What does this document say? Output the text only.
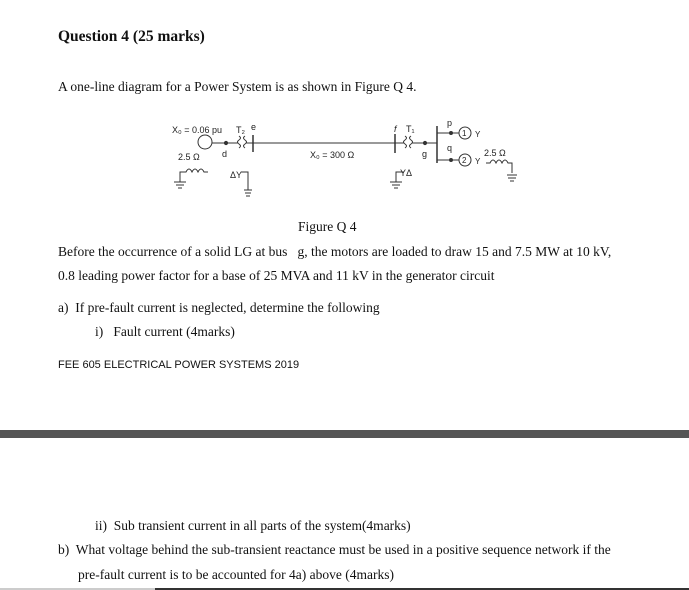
Question 4 (25 marks)
A one-line diagram for a Power System is as shown in Figure Q 4.
X₀ = 0.06 pu T₂ e
d
2.5 Ω
ΔY
X₀ = 300 Ω
f T₁
g
YΔ
p
q
1
2
Y
Y
2.5 Ω
Figure Q 4
Before the occurrence of a solid LG at bus   g, the motors are loaded to draw 15 and 7.5 MW at 10 kV,
0.8 leading power factor for a base of 25 MVA and 11 kV in the generator circuit
a)  If pre-fault current is neglected, determine the following
i)   Fault current (4marks)
FEE 605 ELECTRICAL POWER SYSTEMS 2019
ii)  Sub transient current in all parts of the system(4marks)
b)  What voltage behind the sub-transient reactance must be used in a positive sequence network if the
pre-fault current is to be accounted for 4a) above (4marks)
